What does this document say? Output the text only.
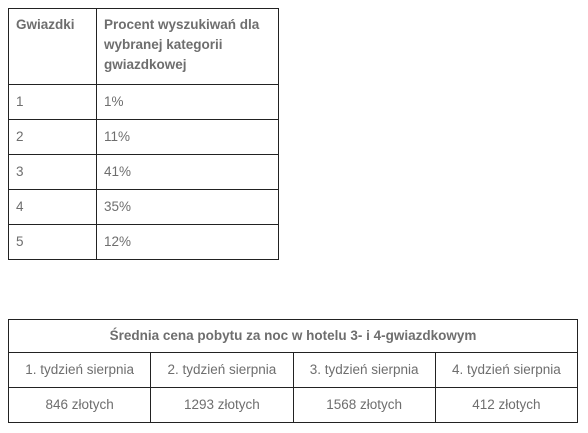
Gwiazdki	Procent wyszukiwań dla wybranej kategorii gwiazdkowej
1	1%
2	11%
3	41%
4	35%
5	12%
Średnia cena pobytu za noc w hotelu 3- i 4-gwiazdkowym			
1. tydzień sierpnia	2. tydzień sierpnia	3. tydzień sierpnia	4. tydzień sierpnia
846 złotych	1293 złotych	1568 złotych	412 złotych
